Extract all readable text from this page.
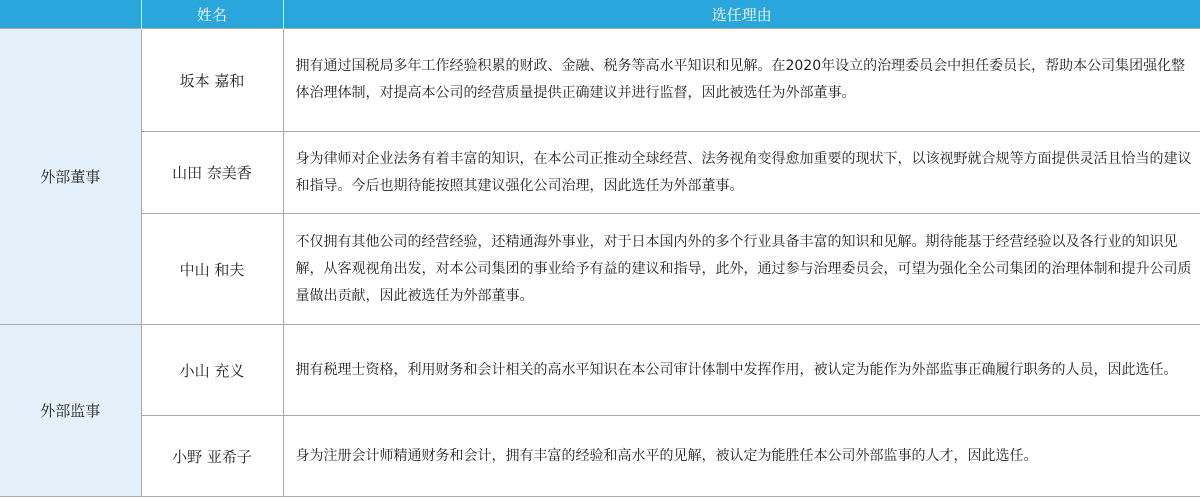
	姓名	选任理由
外部董事	坂本 嘉和	拥有通过国税局多年工作经验积累的财政、金融、税务等高水平知识和见解。在2020年设立的治理委员会中担任委员长，帮助本公司集团强化整体治理体制，对提高本公司的经营质量提供正确建议并进行监督，因此被选任为外部董事。
	山田 奈美香	身为律师对企业法务有着丰富的知识，在本公司正推动全球经营、法务视角变得愈加重要的现状下，以该视野就合规等方面提供灵活且恰当的建议和指导。今后也期待能按照其建议强化公司治理，因此选任为外部董事。
	中山 和夫	不仅拥有其他公司的经营经验，还精通海外事业，对于日本国内外的多个行业具备丰富的知识和见解。期待能基于经营经验以及各行业的知识见解，从客观视角出发，对本公司集团的事业给予有益的建议和指导，此外，通过参与治理委员会，可望为强化全公司集团的治理体制和提升公司质量做出贡献，因此被选任为外部董事。
外部监事	小山 充义	拥有税理士资格，利用财务和会计相关的高水平知识在本公司审计体制中发挥作用，被认定为能作为外部监事正确履行职务的人员，因此选任。
	小野 亚希子	身为注册会计师精通财务和会计，拥有丰富的经验和高水平的见解，被认定为能胜任本公司外部监事的人才，因此选任。
